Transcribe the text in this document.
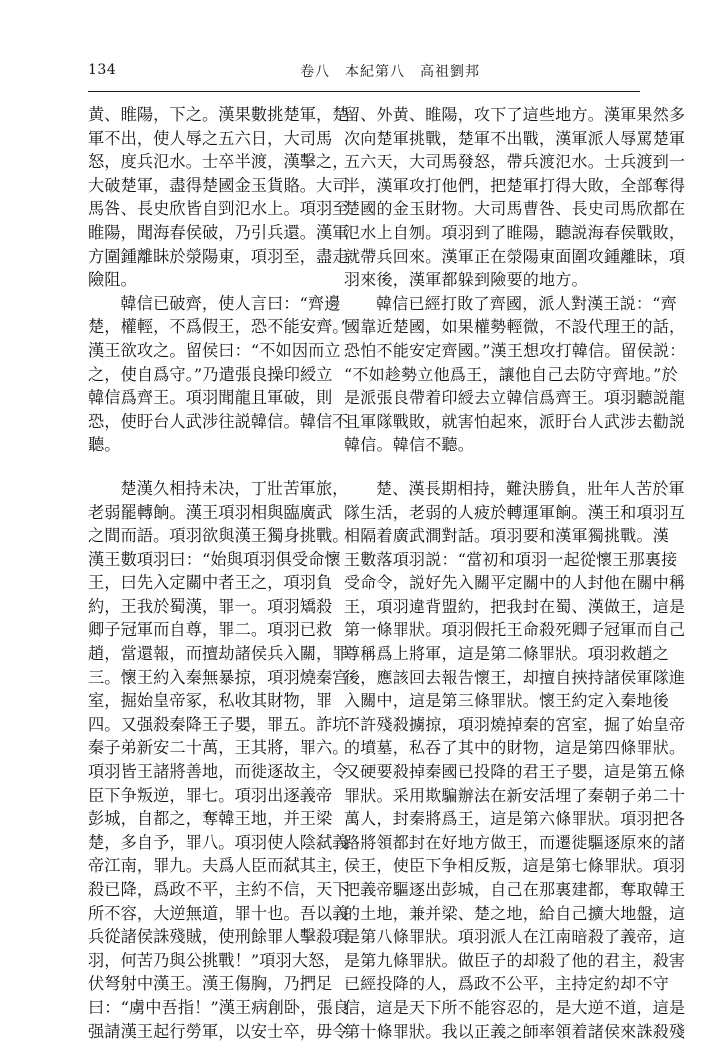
134	卷八　本紀第八　高祖劉邦
黄、睢陽，下之。漢果數挑楚軍，楚
軍不出，使人辱之五六日，大司馬
怒，度兵氾水。士卒半渡，漢擊之，
大破楚軍，盡得楚國金玉貨賂。大司
馬咎、長史欣皆自剄氾水上。項羽至
睢陽，聞海春侯破，乃引兵還。漢軍
方圍鍾離眛於滎陽東，項羽至，盡走
險阻。
韓信已破齊，使人言曰：“齊邊
楚，權輕，不爲假王，恐不能安齊。”
漢王欲攻之。留侯曰：“不如因而立
之，使自爲守。”乃遣張良操印綬立
韓信爲齊王。項羽聞龍且軍破，則
恐，使盱台人武涉往説韓信。韓信不
聽。
楚漢久相持未决，丁壯苦軍旅，
老弱罷轉餉。漢王項羽相與臨廣武
之間而語。項羽欲與漢王獨身挑戰。
漢王數項羽曰：“始與項羽俱受命懷
王，曰先入定關中者王之，項羽負
約，王我於蜀漢，罪一。項羽矯殺
卿子冠軍而自尊，罪二。項羽已救
趙，當還報，而擅劫諸侯兵入關，罪
三。懷王約入秦無暴掠，項羽燒秦宫
室，掘始皇帝冢，私收其財物，罪
四。又强殺秦降王子嬰，罪五。詐坑
秦子弟新安二十萬，王其將，罪六。
項羽皆王諸將善地，而徙逐故主，令
臣下争叛逆，罪七。項羽出逐義帝
彭城，自都之，奪韓王地，并王梁
楚，多自予，罪八。項羽使人陰弑義
帝江南，罪九。夫爲人臣而弑其主，
殺已降，爲政不平，主約不信，天下
所不容，大逆無道，罪十也。吾以義
兵從諸侯誅殘賊，使刑餘罪人擊殺項
羽，何苦乃與公挑戰！”項羽大怒，
伏弩射中漢王。漢王傷胸，乃捫足
曰：“虜中吾指！”漢王病創卧，張良
强請漢王起行勞軍，以安士卒，毋令
留、外黄、睢陽，攻下了這些地方。漢軍果然多
次向楚軍挑戰，楚軍不出戰，漢軍派人辱罵楚軍
五六天，大司馬發怒，帶兵渡氾水。士兵渡到一
半，漢軍攻打他們，把楚軍打得大敗，全部奪得
楚國的金玉財物。大司馬曹咎、長史司馬欣都在
氾水上自刎。項羽到了睢陽，聽説海春侯戰敗，
就帶兵回來。漢軍正在滎陽東面圍攻鍾離眛，項
羽來後，漢軍都躲到險要的地方。
韓信已經打敗了齊國，派人對漢王説：“齊
國靠近楚國，如果權勢輕微，不設代理王的話，
恐怕不能安定齊國。”漢王想攻打韓信。留侯説：
“不如趁勢立他爲王，讓他自己去防守齊地。”於
是派張良帶着印綬去立韓信爲齊王。項羽聽説龍
且軍隊戰敗，就害怕起來，派盱台人武涉去勸説
韓信。韓信不聽。
楚、漢長期相持，難決勝負，壯年人苦於軍
隊生活，老弱的人疲於轉運軍餉。漢王和項羽互
相隔着廣武澗對話。項羽要和漢軍獨挑戰。漢
王數落項羽説：“當初和項羽一起從懷王那裏接
受命令，説好先入關平定關中的人封他在關中稱
王，項羽違背盟約，把我封在蜀、漢做王，這是
第一條罪狀。項羽假托王命殺死卿子冠軍而自己
尊稱爲上將軍，這是第二條罪狀。項羽救趙之
後，應該回去報告懷王，却擅自挾持諸侯軍隊進
入關中，這是第三條罪狀。懷王約定入秦地後
不許殘殺擄掠，項羽燒掉秦的宮室，掘了始皇帝
的墳墓，私吞了其中的財物，這是第四條罪狀。
又硬要殺掉秦國已投降的君王子嬰，這是第五條
罪狀。采用欺騙辦法在新安活埋了秦朝子弟二十
萬人，封秦將爲王，這是第六條罪狀。項羽把各
路將領都封在好地方做王，而遷徙驅逐原來的諸
侯王，使臣下争相反叛，這是第七條罪狀。項羽
把義帝驅逐出彭城，自己在那裏建都，奪取韓王
的土地，兼并梁、楚之地，給自己擴大地盤，這
是第八條罪狀。項羽派人在江南暗殺了義帝，這
是第九條罪狀。做臣子的却殺了他的君主，殺害
已經投降的人，爲政不公平，主持定約却不守
信，這是天下所不能容忍的，是大逆不道，這是
第十條罪狀。我以正義之師率領着諸侯來誅殺殘
